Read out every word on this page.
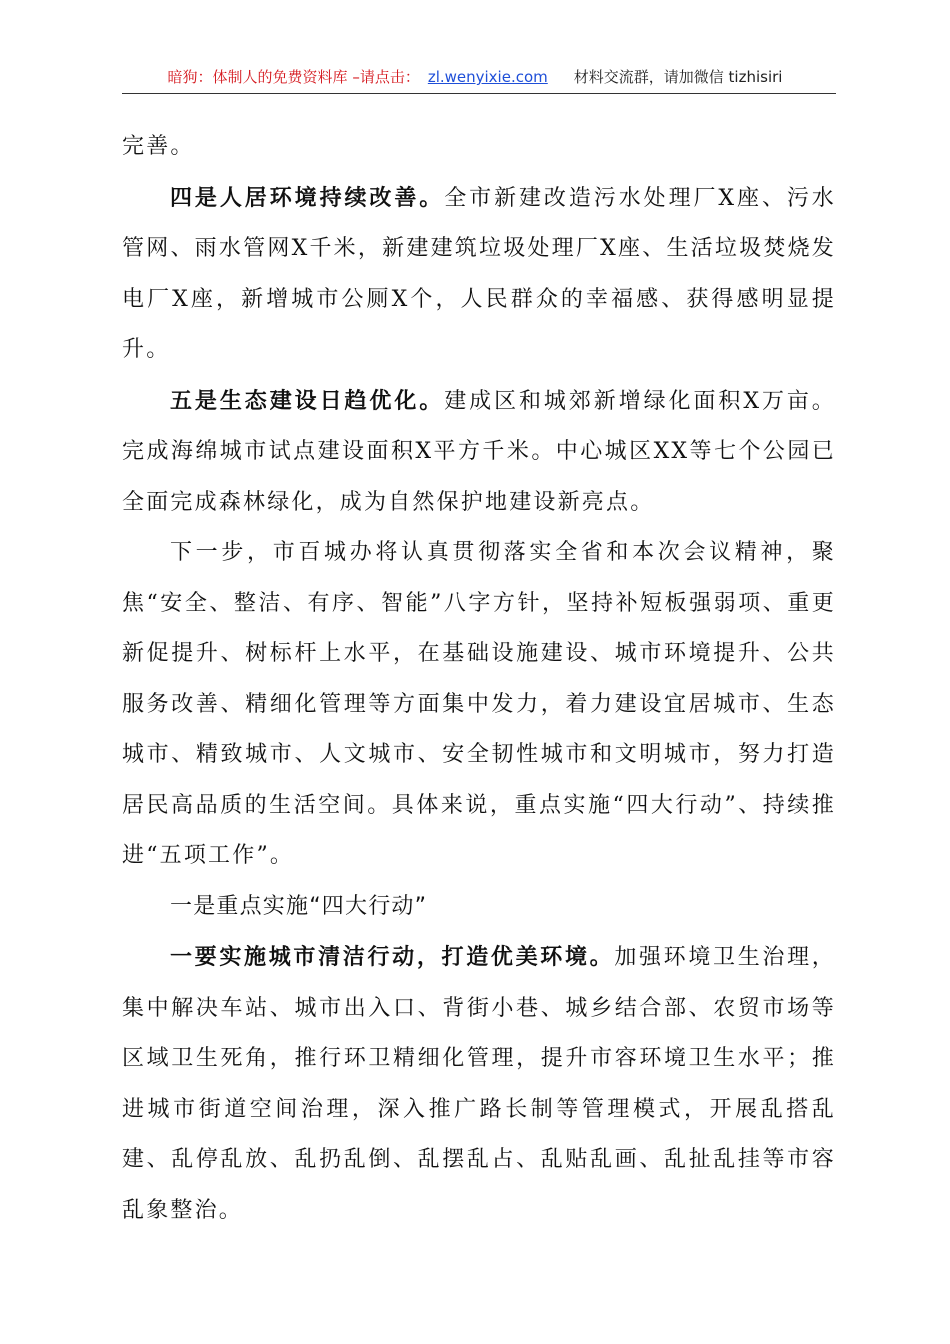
暗狗：体制人的免费资料库 –请点击： zl.wenyixie.com 材料交流群，请加微信 tizhisiri

完善。

四是人居环境持续改善。全市新建改造污水处理厂X座、污水管网、雨水管网X千米，新建建筑垃圾处理厂X座、生活垃圾焚烧发电厂X座，新增城市公厕X个，人民群众的幸福感、获得感明显提升。

五是生态建设日趋优化。建成区和城郊新增绿化面积X万亩。完成海绵城市试点建设面积X平方千米。中心城区XX等七个公园已全面完成森林绿化，成为自然保护地建设新亮点。

下一步，市百城办将认真贯彻落实全省和本次会议精神，聚焦“安全、整洁、有序、智能”八字方针，坚持补短板强弱项、重更新促提升、树标杆上水平，在基础设施建设、城市环境提升、公共服务改善、精细化管理等方面集中发力，着力建设宜居城市、生态城市、精致城市、人文城市、安全韧性城市和文明城市，努力打造居民高品质的生活空间。具体来说，重点实施“四大行动”、持续推进“五项工作”。

一是重点实施“四大行动”

一要实施城市清洁行动，打造优美环境。加强环境卫生治理，集中解决车站、城市出入口、背街小巷、城乡结合部、农贸市场等区域卫生死角，推行环卫精细化管理，提升市容环境卫生水平；推进城市街道空间治理，深入推广路长制等管理模式，开展乱搭乱建、乱停乱放、乱扔乱倒、乱摆乱占、乱贴乱画、乱扯乱挂等市容乱象整治。
